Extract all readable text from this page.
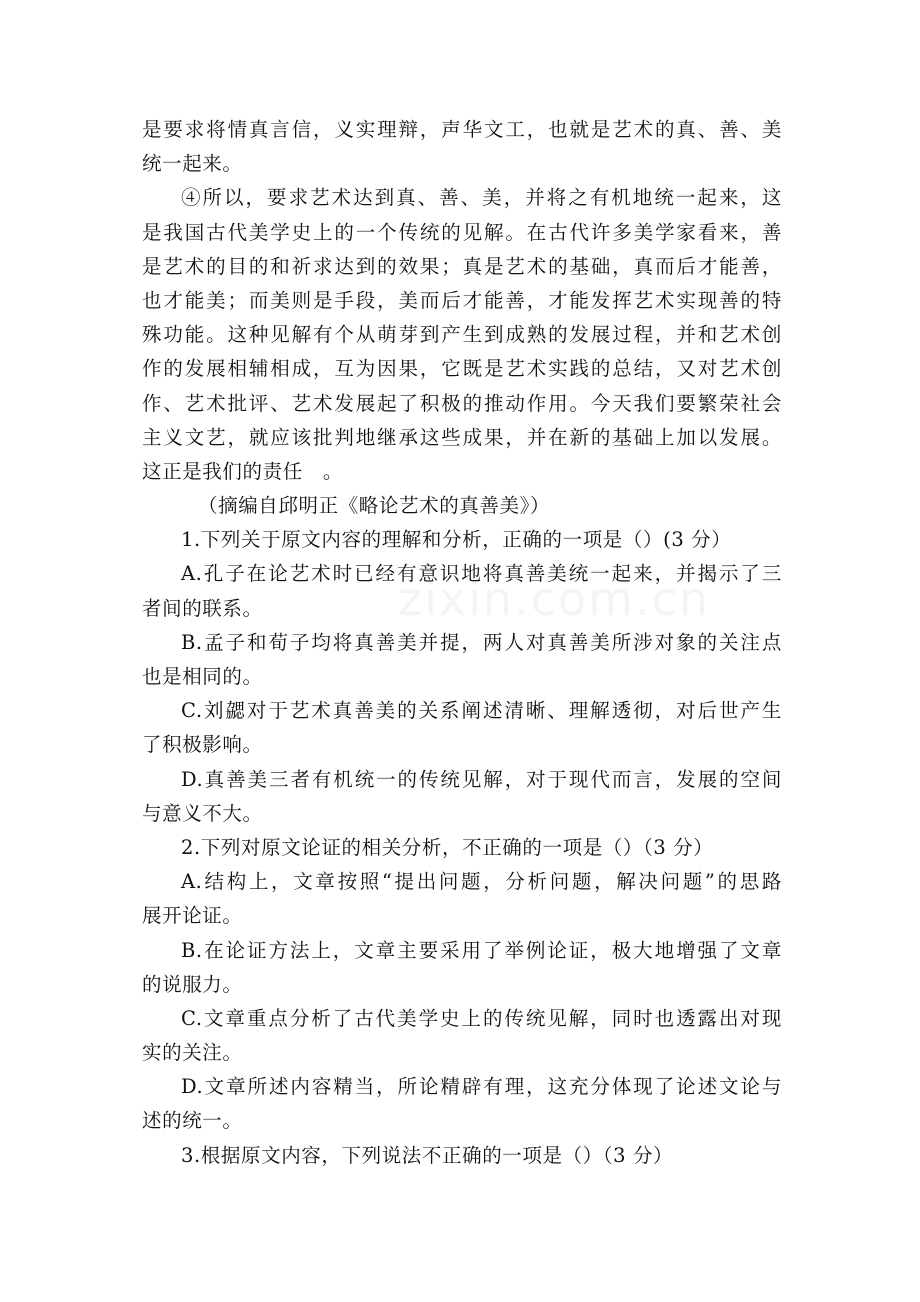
是要求将情真言信，义实理辩，声华文工，也就是艺术的真、善、美
统一起来。
④所以，要求艺术达到真、善、美，并将之有机地统一起来，这
是我国古代美学史上的一个传统的见解。在古代许多美学家看来，善
是艺术的目的和祈求达到的效果；真是艺术的基础，真而后才能善，
也才能美；而美则是手段，美而后才能善，才能发挥艺术实现善的特
殊功能。这种见解有个从萌芽到产生到成熟的发展过程，并和艺术创
作的发展相辅相成，互为因果，它既是艺术实践的总结，又对艺术创
作、艺术批评、艺术发展起了积极的推动作用。今天我们要繁荣社会
主义文艺，就应该批判地继承这些成果，并在新的基础上加以发展。
这正是我们的责任　。
（摘编自邱明正《略论艺术的真善美》）
1.下列关于原文内容的理解和分析，正确的一项是（）(3 分）
A.孔子在论艺术时已经有意识地将真善美统一起来，并揭示了三
者间的联系。
B.孟子和荀子均将真善美并提，两人对真善美所涉对象的关注点
也是相同的。
C.刘勰对于艺术真善美的关系阐述清晰、理解透彻，对后世产生
了积极影响。
D.真善美三者有机统一的传统见解，对于现代而言，发展的空间
与意义不大。
2.下列对原文论证的相关分析，不正确的一项是（）（3 分）
A.结构上，文章按照“提出问题，分析问题，解决问题”的思路
展开论证。
B.在论证方法上，文章主要采用了举例论证，极大地增强了文章
的说服力。
C.文章重点分析了古代美学史上的传统见解，同时也透露出对现
实的关注。
D.文章所述内容精当，所论精辟有理，这充分体现了论述文论与
述的统一。
3.根据原文内容，下列说法不正确的一项是（）（3 分）
